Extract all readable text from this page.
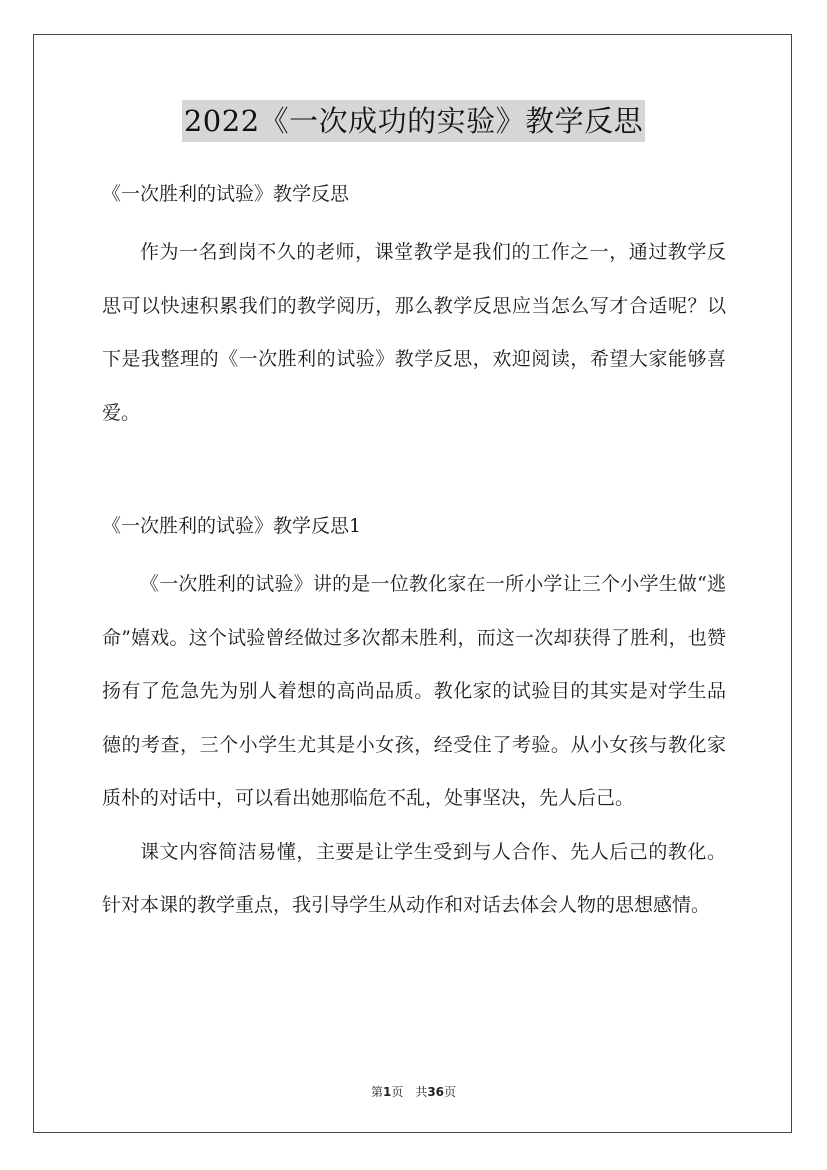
2022《一次成功的实验》教学反思

《一次胜利的试验》教学反思

作为一名到岗不久的老师，课堂教学是我们的工作之一，通过教学反思可以快速积累我们的教学阅历，那么教学反思应当怎么写才合适呢？以下是我整理的《一次胜利的试验》教学反思，欢迎阅读，希望大家能够喜爱。

《一次胜利的试验》教学反思1

《一次胜利的试验》讲的是一位教化家在一所小学让三个小学生做“逃命”嬉戏。这个试验曾经做过多次都未胜利，而这一次却获得了胜利，也赞扬有了危急先为别人着想的高尚品质。教化家的试验目的其实是对学生品德的考查，三个小学生尤其是小女孩，经受住了考验。从小女孩与教化家质朴的对话中，可以看出她那临危不乱，处事坚决，先人后己。

课文内容简洁易懂，主要是让学生受到与人合作、先人后己的教化。针对本课的教学重点，我引导学生从动作和对话去体会人物的思想感情。

第1页　共36页
